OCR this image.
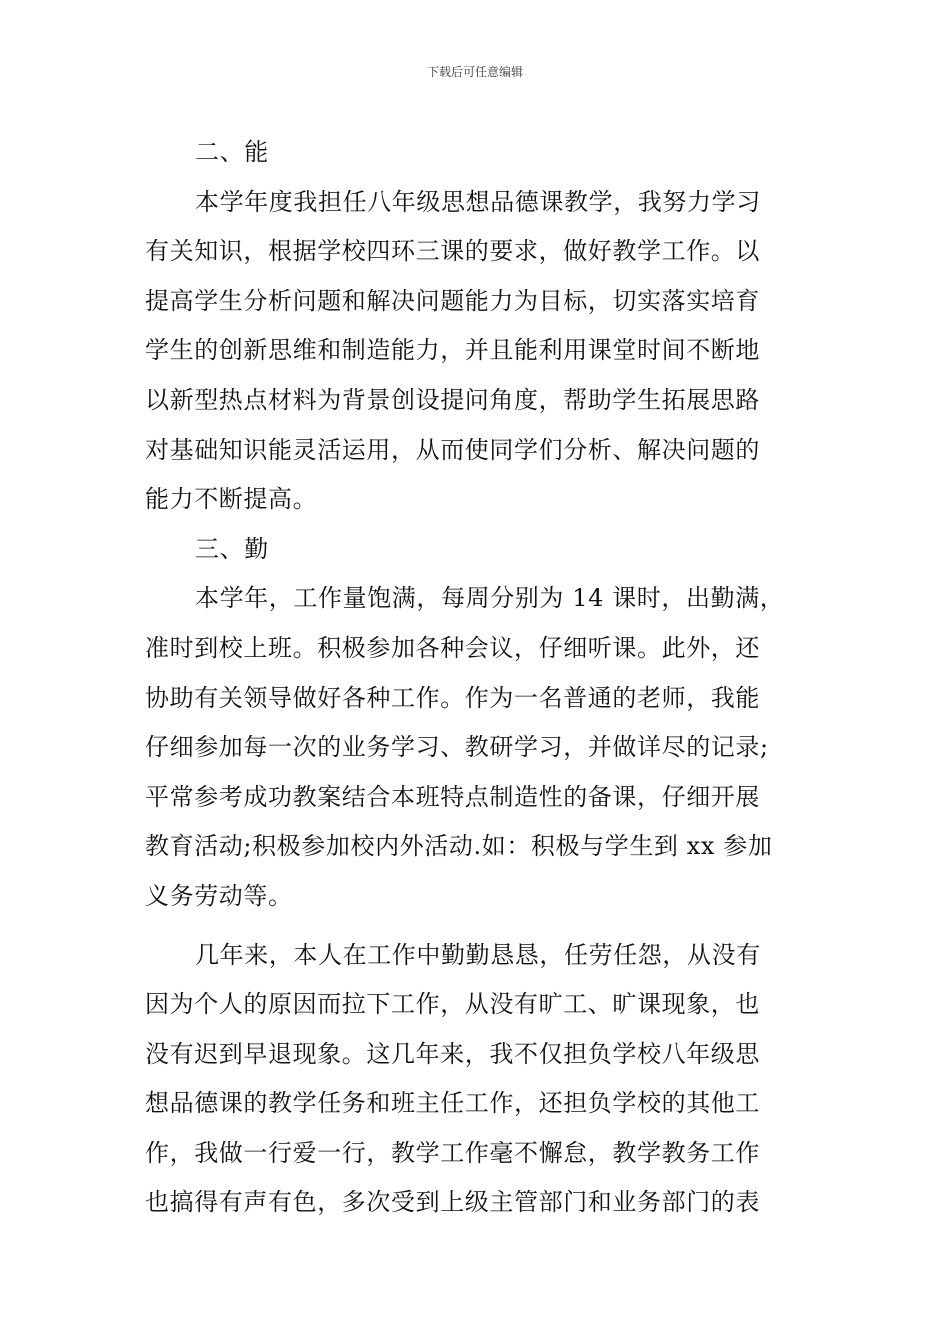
下载后可任意编辑
二、能
本学年度我担任八年级思想品德课教学，我努力学习
有关知识，根据学校四环三课的要求，做好教学工作。以
提高学生分析问题和解决问题能力为目标，切实落实培育
学生的创新思维和制造能力，并且能利用课堂时间不断地
以新型热点材料为背景创设提问角度，帮助学生拓展思路
对基础知识能灵活运用，从而使同学们分析、解决问题的
能力不断提高。
三、勤
本学年，工作量饱满，每周分别为 14 课时，出勤满，
准时到校上班。积极参加各种会议，仔细听课。此外，还
协助有关领导做好各种工作。作为一名普通的老师，我能
仔细参加每一次的业务学习、教研学习，并做详尽的记录;
平常参考成功教案结合本班特点制造性的备课，仔细开展
教育活动;积极参加校内外活动.如：积极与学生到 xx 参加
义务劳动等。
几年来，本人在工作中勤勤恳恳，任劳任怨，从没有
因为个人的原因而拉下工作，从没有旷工、旷课现象，也
没有迟到早退现象。这几年来，我不仅担负学校八年级思
想品德课的教学任务和班主任工作，还担负学校的其他工
作，我做一行爱一行，教学工作毫不懈怠，教学教务工作
也搞得有声有色，多次受到上级主管部门和业务部门的表
